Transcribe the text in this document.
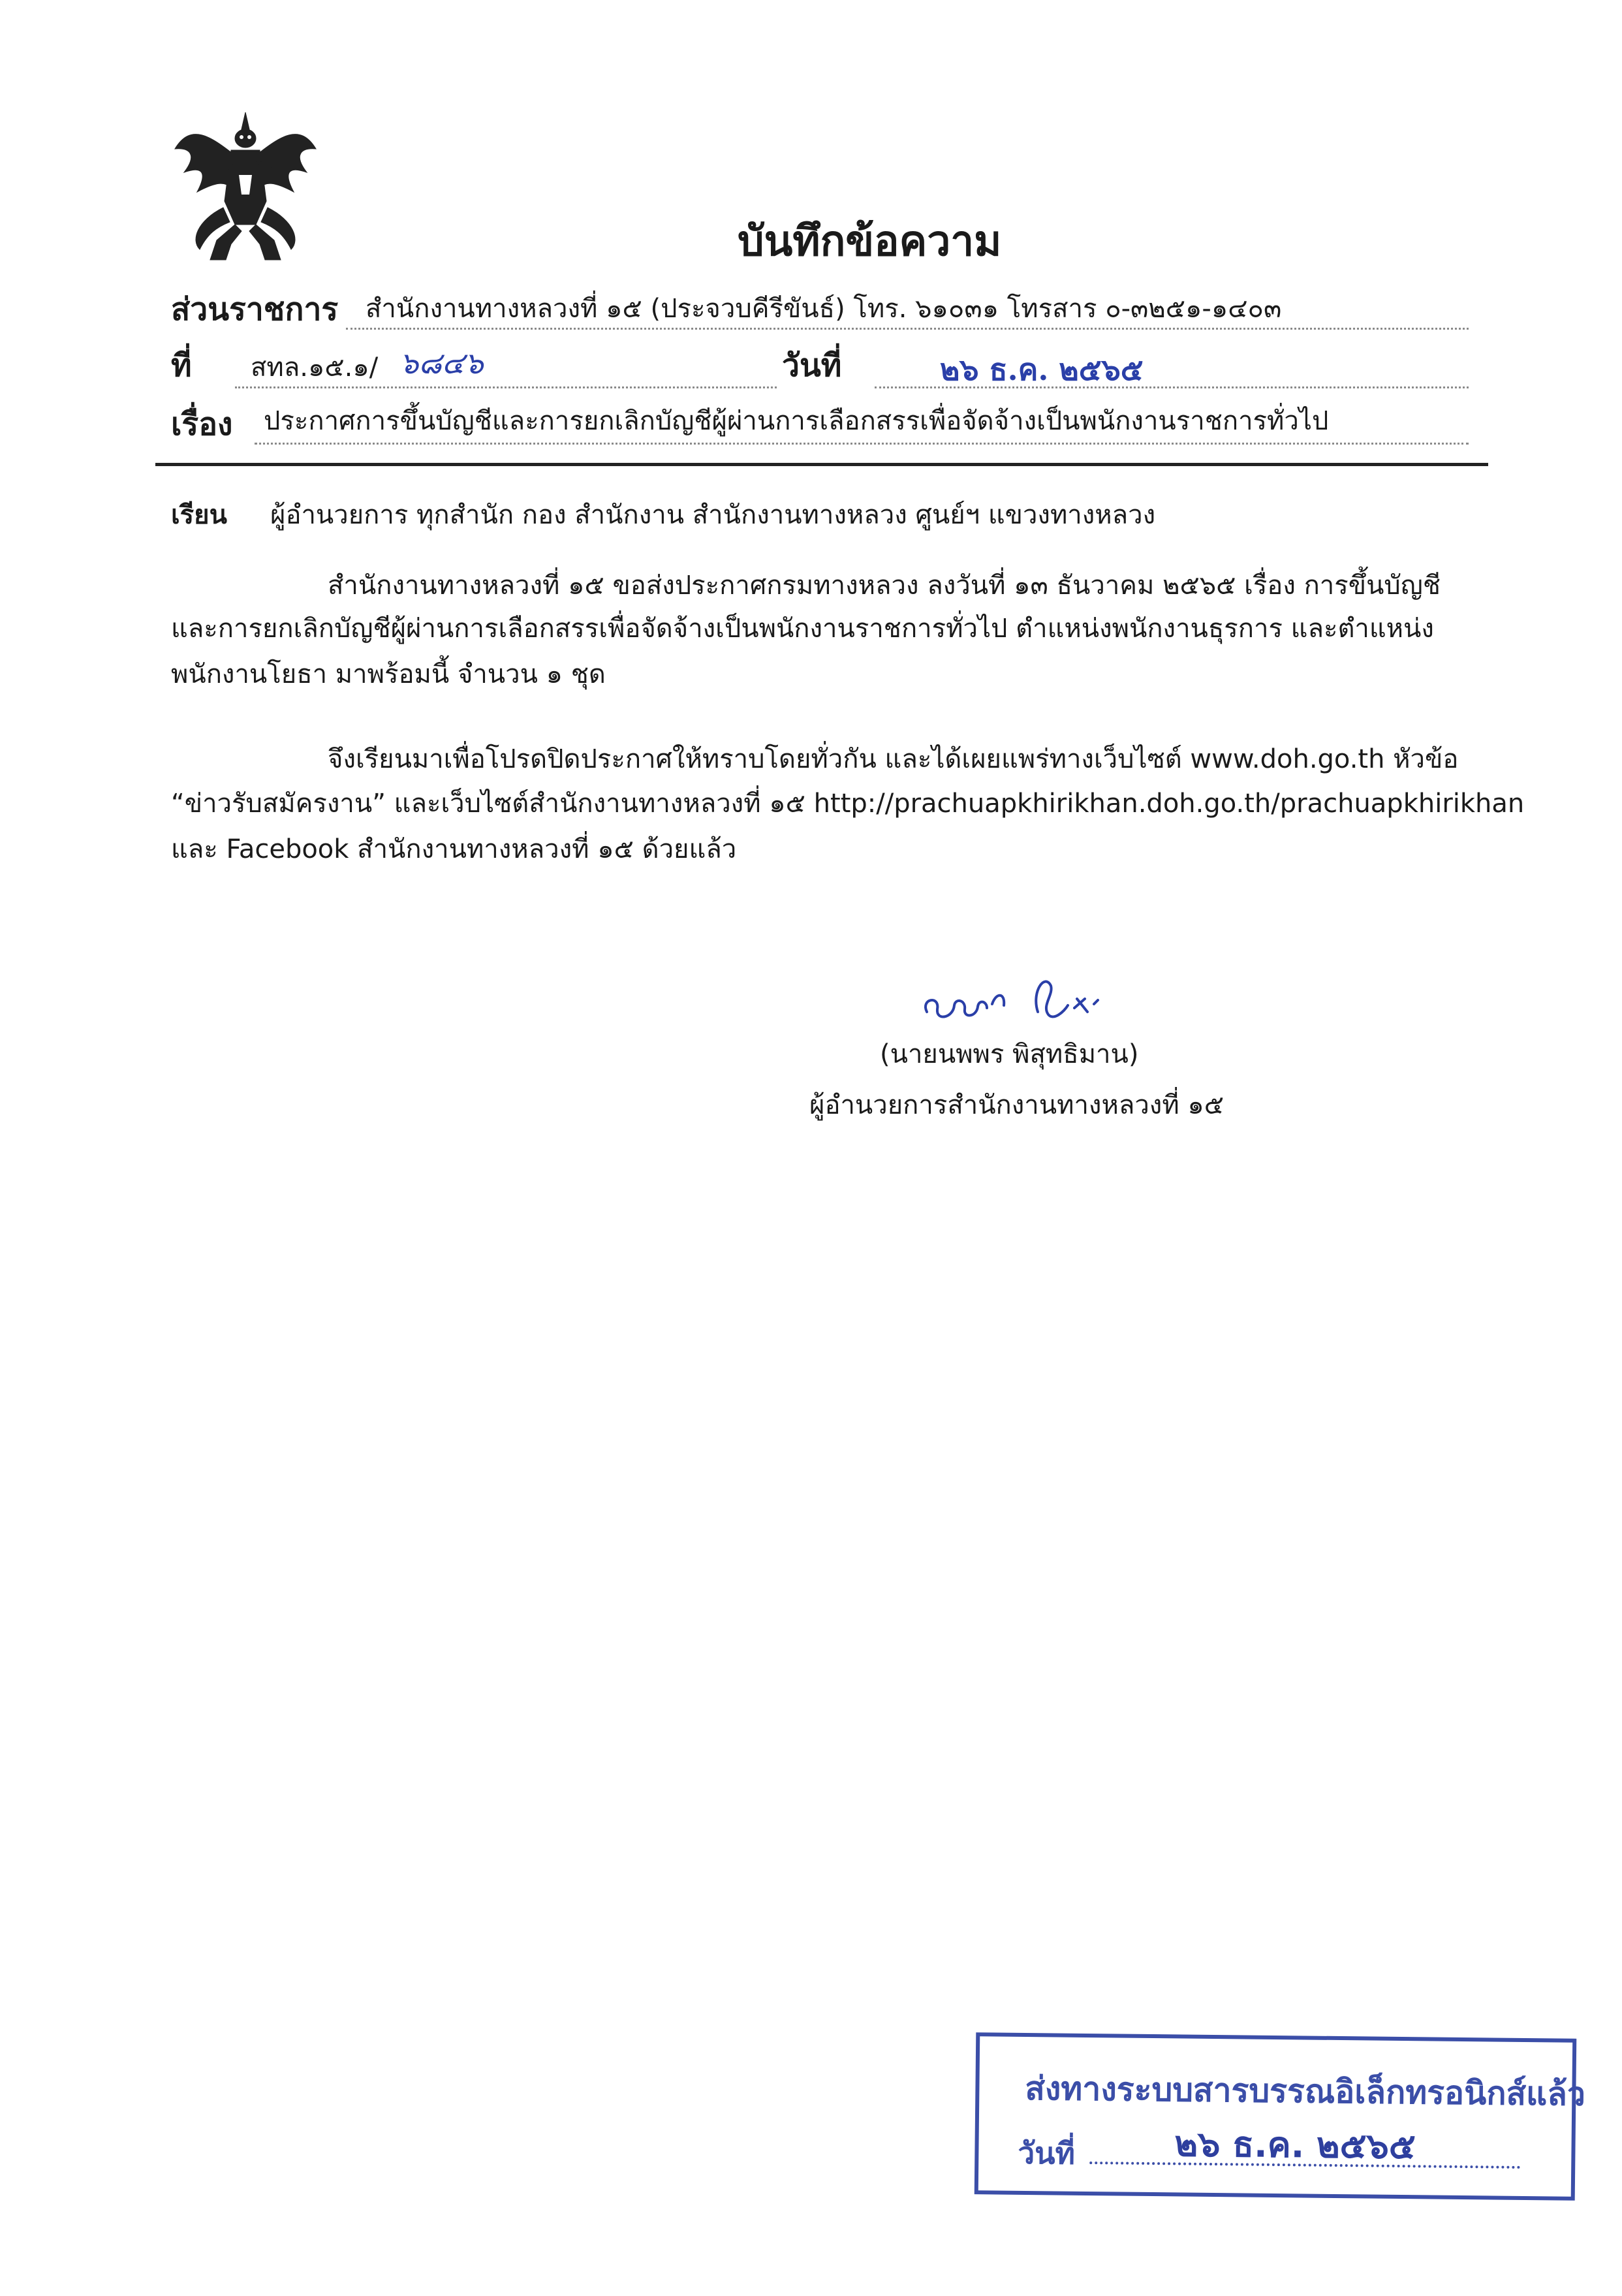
บันทึกข้อความ
ส่วนราชการ สำนักงานทางหลวงที่ ๑๕ (ประจวบคีรีขันธ์) โทร. ๖๑๐๓๑ โทรสาร ๐-๓๒๕๑-๑๔๐๓
ที่ สทล.๑๕.๑/ ๖๘๔๖	วันที่	๒๖ ธ.ค. ๒๕๖๕
เรื่อง ประกาศการขึ้นบัญชีและการยกเลิกบัญชีผู้ผ่านการเลือกสรรเพื่อจัดจ้างเป็นพนักงานราชการทั่วไป
เรียน ผู้อำนวยการ ทุกสำนัก กอง สำนักงาน สำนักงานทางหลวง ศูนย์ฯ แขวงทางหลวง
สำนักงานทางหลวงที่ ๑๕ ขอส่งประกาศกรมทางหลวง ลงวันที่ ๑๓ ธันวาคม ๒๕๖๕ เรื่อง การขึ้นบัญชี
และการยกเลิกบัญชีผู้ผ่านการเลือกสรรเพื่อจัดจ้างเป็นพนักงานราชการทั่วไป ตำแหน่งพนักงานธุรการ และตำแหน่ง
พนักงานโยธา มาพร้อมนี้ จำนวน ๑ ชุด
จึงเรียนมาเพื่อโปรดปิดประกาศให้ทราบโดยทั่วกัน และได้เผยแพร่ทางเว็บไซต์ www.doh.go.th หัวข้อ
“ข่าวรับสมัครงาน” และเว็บไซต์สำนักงานทางหลวงที่ ๑๕ http://prachuapkhirikhan.doh.go.th/prachuapkhirikhan
และ Facebook สำนักงานทางหลวงที่ ๑๕ ด้วยแล้ว
(นายนพพร พิสุทธิมาน)
ผู้อำนวยการสำนักงานทางหลวงที่ ๑๕
ส่งทางระบบสารบรรณอิเล็กทรอนิกส์แล้ว
วันที่	๒๖ ธ.ค. ๒๕๖๕
